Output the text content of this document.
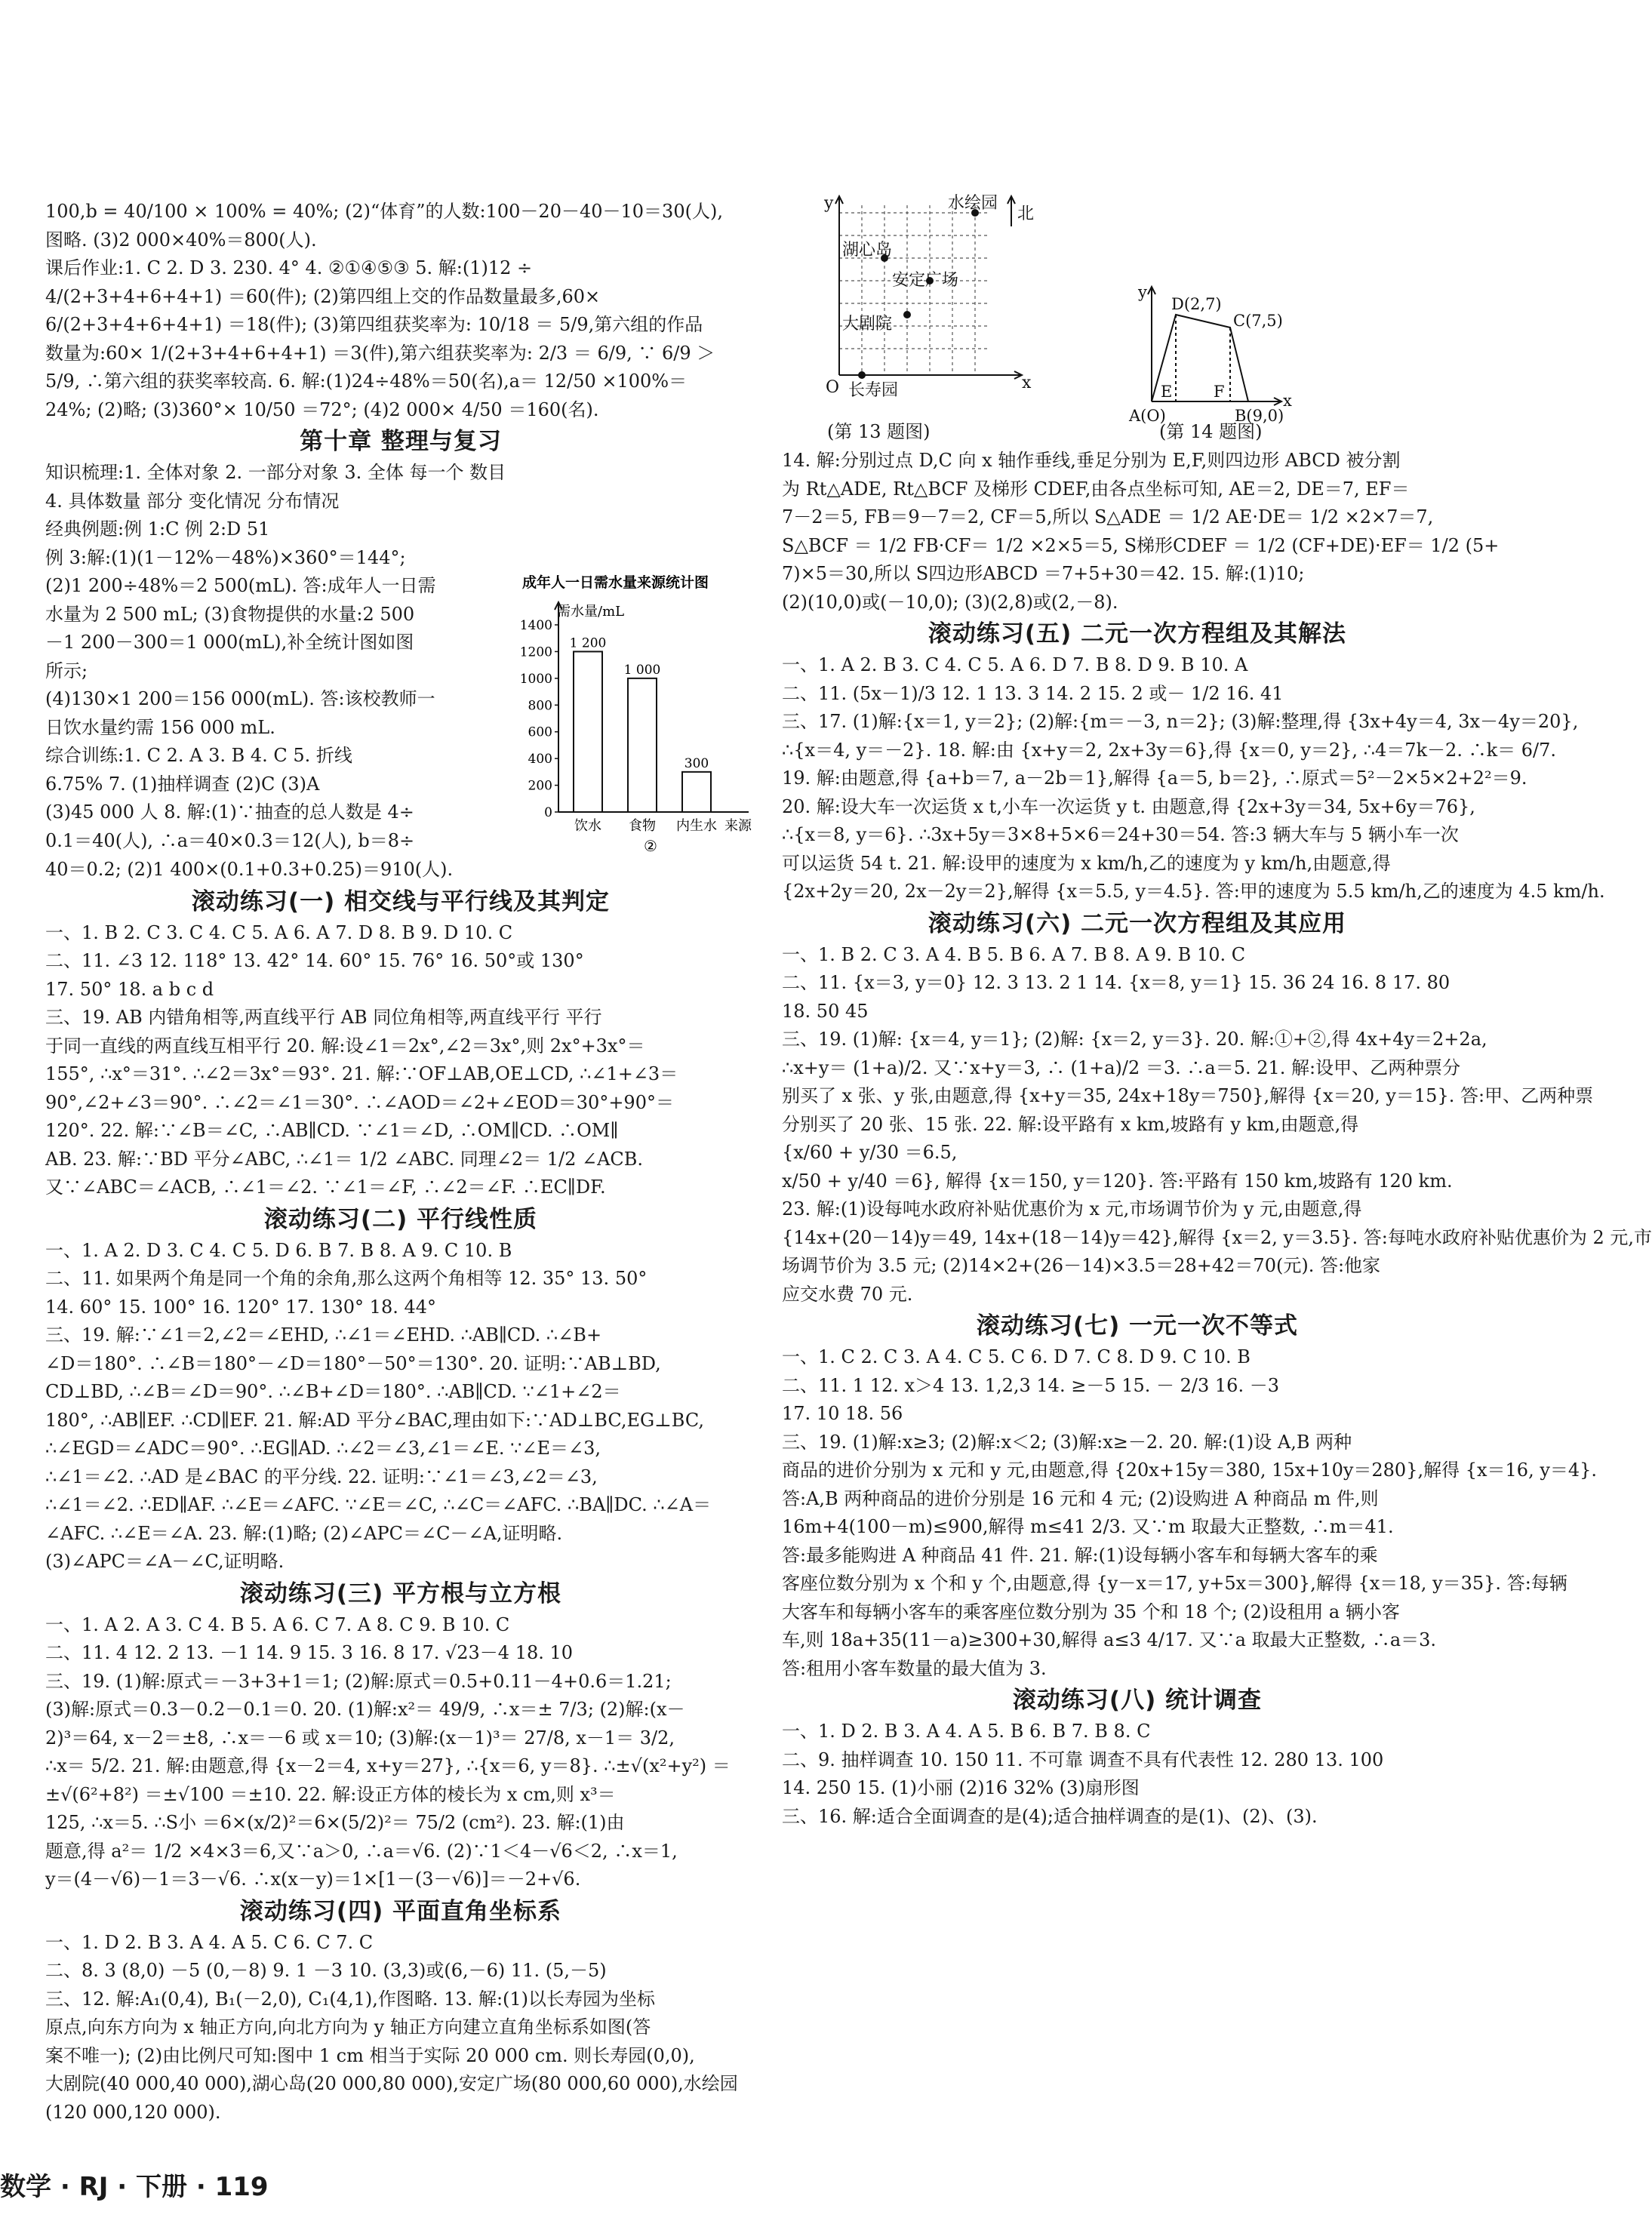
100,b = 40/100 × 100% = 40%; (2)“体育”的人数:100－20－40－10＝30(人),
图略. (3)2 000×40%＝800(人).
课后作业:1. C 2. D 3. 230. 4° 4. ②①④⑤③ 5. 解:(1)12 ÷
4/(2+3+4+6+4+1) ＝60(件); (2)第四组上交的作品数量最多,60×
6/(2+3+4+6+4+1) ＝18(件); (3)第四组获奖率为: 10/18 ＝ 5/9,第六组的作品
数量为:60× 1/(2+3+4+6+4+1) ＝3(件),第六组获奖率为: 2/3 ＝ 6/9, ∵ 6/9 ＞
5/9, ∴第六组的获奖率较高. 6. 解:(1)24÷48%＝50(名),a＝ 12/50 ×100%＝
24%; (2)略; (3)360°× 10/50 ＝72°; (4)2 000× 4/50 ＝160(名).
第十章 整理与复习
知识梳理:1. 全体对象 2. 一部分对象 3. 全体 每一个 数目
4. 具体数量 部分 变化情况 分布情况
经典例题:例 1:C 例 2:D 51
例 3:解:(1)(1－12%－48%)×360°＝144°;
(2)1 200÷48%＝2 500(mL). 答:成年人一日需
水量为 2 500 mL; (3)食物提供的水量:2 500
－1 200－300＝1 000(mL),补全统计图如图
所示;
(4)130×1 200＝156 000(mL). 答:该校教师一
日饮水量约需 156 000 mL.
综合训练:1. C 2. A 3. B 4. C 5. 折线
6.75% 7. (1)抽样调查 (2)C (3)A
(3)45 000 人 8. 解:(1)∵抽查的总人数是 4÷
0.1＝40(人), ∴a＝40×0.3＝12(人), b＝8÷
成年人一日需水量来源统计图
需水量/mL
0
200
400
600
800
1000
1200
1400
1 200
饮水
1 000
食物
300
内生水 来源
②
40＝0.2; (2)1 400×(0.1+0.3+0.25)＝910(人).
滚动练习(一) 相交线与平行线及其判定
一、1. B 2. C 3. C 4. C 5. A 6. A 7. D 8. B 9. D 10. C
二、11. ∠3 12. 118° 13. 42° 14. 60° 15. 76° 16. 50°或 130°
17. 50° 18. a b c d
三、19. AB 内错角相等,两直线平行 AB 同位角相等,两直线平行 平行
于同一直线的两直线互相平行 20. 解:设∠1＝2x°,∠2＝3x°,则 2x°+3x°＝
155°, ∴x°＝31°. ∴∠2＝3x°＝93°. 21. 解:∵OF⊥AB,OE⊥CD, ∴∠1+∠3＝
90°,∠2+∠3＝90°. ∴∠2＝∠1＝30°. ∴∠AOD＝∠2+∠EOD＝30°+90°＝
120°. 22. 解:∵∠B＝∠C, ∴AB∥CD. ∵∠1＝∠D, ∴OM∥CD. ∴OM∥
AB. 23. 解:∵BD 平分∠ABC, ∴∠1＝ 1/2 ∠ABC. 同理∠2＝ 1/2 ∠ACB.
又∵∠ABC＝∠ACB, ∴∠1＝∠2. ∵∠1＝∠F, ∴∠2＝∠F. ∴EC∥DF.
滚动练习(二) 平行线性质
一、1. A 2. D 3. C 4. C 5. D 6. B 7. B 8. A 9. C 10. B
二、11. 如果两个角是同一个角的余角,那么这两个角相等 12. 35° 13. 50°
14. 60° 15. 100° 16. 120° 17. 130° 18. 44°
三、19. 解:∵∠1＝2,∠2＝∠EHD, ∴∠1＝∠EHD. ∴AB∥CD. ∴∠B+
∠D＝180°. ∴∠B＝180°－∠D＝180°－50°＝130°. 20. 证明:∵AB⊥BD,
CD⊥BD, ∴∠B＝∠D＝90°. ∴∠B+∠D＝180°. ∴AB∥CD. ∵∠1+∠2＝
180°, ∴AB∥EF. ∴CD∥EF. 21. 解:AD 平分∠BAC,理由如下:∵AD⊥BC,EG⊥BC,
∴∠EGD＝∠ADC＝90°. ∴EG∥AD. ∴∠2＝∠3,∠1＝∠E. ∵∠E＝∠3,
∴∠1＝∠2. ∴AD 是∠BAC 的平分线. 22. 证明:∵∠1＝∠3,∠2＝∠3,
∴∠1＝∠2. ∴ED∥AF. ∴∠E＝∠AFC. ∵∠E＝∠C, ∴∠C＝∠AFC. ∴BA∥DC. ∴∠A＝
∠AFC. ∴∠E＝∠A. 23. 解:(1)略; (2)∠APC＝∠C－∠A,证明略.
(3)∠APC＝∠A－∠C,证明略.
滚动练习(三) 平方根与立方根
一、1. A 2. A 3. C 4. B 5. A 6. C 7. A 8. C 9. B 10. C
二、11. 4 12. 2 13. －1 14. 9 15. 3 16. 8 17. √23－4 18. 10
三、19. (1)解:原式＝－3+3+1＝1; (2)解:原式＝0.5+0.11－4+0.6＝1.21;
(3)解:原式＝0.3－0.2－0.1＝0. 20. (1)解:x²＝ 49/9, ∴x＝± 7/3; (2)解:(x－
2)³＝64, x－2＝±8, ∴x＝－6 或 x＝10; (3)解:(x－1)³＝ 27/8, x－1＝ 3/2,
∴x＝ 5/2. 21. 解:由题意,得 {x－2＝4, x+y＝27}, ∴{x＝6, y＝8}. ∴±√(x²+y²) ＝
±√(6²+8²) ＝±√100 ＝±10. 22. 解:设正方体的棱长为 x cm,则 x³＝
125, ∴x＝5. ∴S小 ＝6×(x/2)²＝6×(5/2)²＝ 75/2 (cm²). 23. 解:(1)由
题意,得 a²＝ 1/2 ×4×3＝6,又∵a＞0, ∴a＝√6. (2)∵1＜4－√6＜2, ∴x＝1,
y＝(4－√6)－1＝3－√6. ∴x(x－y)＝1×[1－(3－√6)]＝－2+√6.
滚动练习(四) 平面直角坐标系
一、1. D 2. B 3. A 4. A 5. C 6. C 7. C
二、8. 3 (8,0) －5 (0,－8) 9. 1 －3 10. (3,3)或(6,－6) 11. (5,－5)
三、12. 解:A₁(0,4), B₁(－2,0), C₁(4,1),作图略. 13. 解:(1)以长寿园为坐标
原点,向东方向为 x 轴正方向,向北方向为 y 轴正方向建立直角坐标系如图(答
案不唯一); (2)由比例尺可知:图中 1 cm 相当于实际 20 000 cm. 则长寿园(0,0),
大剧院(40 000,40 000),湖心岛(20 000,80 000),安定广场(80 000,60 000),水绘园
(120 000,120 000).
y
x
O
北
水绘园
湖心岛
安定广场
大剧院
长寿园
y
x
A(O)	B(9,0)
C(7,5)
D(2,7)
E	F
(第 13 题图)	(第 14 题图)
14. 解:分别过点 D,C 向 x 轴作垂线,垂足分别为 E,F,则四边形 ABCD 被分割
为 Rt△ADE, Rt△BCF 及梯形 CDEF,由各点坐标可知, AE＝2, DE＝7, EF＝
7－2＝5, FB＝9－7＝2, CF＝5,所以 S△ADE ＝ 1/2 AE·DE＝ 1/2 ×2×7＝7,
S△BCF ＝ 1/2 FB·CF＝ 1/2 ×2×5＝5, S梯形CDEF ＝ 1/2 (CF+DE)·EF＝ 1/2 (5+
7)×5＝30,所以 S四边形ABCD ＝7+5+30＝42. 15. 解:(1)10;
(2)(10,0)或(－10,0); (3)(2,8)或(2,－8).
滚动练习(五) 二元一次方程组及其解法
一、1. A 2. B 3. C 4. C 5. A 6. D 7. B 8. D 9. B 10. A
二、11. (5x－1)/3 12. 1 13. 3 14. 2 15. 2 或－ 1/2 16. 41
三、17. (1)解:{x＝1, y＝2}; (2)解:{m＝－3, n＝2}; (3)解:整理,得 {3x+4y＝4, 3x－4y＝20},
∴{x＝4, y＝－2}. 18. 解:由 {x+y＝2, 2x+3y＝6},得 {x＝0, y＝2}, ∴4＝7k－2. ∴k＝ 6/7.
19. 解:由题意,得 {a+b＝7, a－2b＝1},解得 {a＝5, b＝2}, ∴原式＝5²－2×5×2+2²＝9.
20. 解:设大车一次运货 x t,小车一次运货 y t. 由题意,得 {2x+3y＝34, 5x+6y＝76},
∴{x＝8, y＝6}. ∴3x+5y＝3×8+5×6＝24+30＝54. 答:3 辆大车与 5 辆小车一次
可以运货 54 t. 21. 解:设甲的速度为 x km/h,乙的速度为 y km/h,由题意,得
{2x+2y＝20, 2x－2y＝2},解得 {x＝5.5, y＝4.5}. 答:甲的速度为 5.5 km/h,乙的速度为 4.5 km/h.
滚动练习(六) 二元一次方程组及其应用
一、1. B 2. C 3. A 4. B 5. B 6. A 7. B 8. A 9. B 10. C
二、11. {x＝3, y＝0} 12. 3 13. 2 1 14. {x＝8, y＝1} 15. 36 24 16. 8 17. 80
18. 50 45
三、19. (1)解: {x＝4, y＝1}; (2)解: {x＝2, y＝3}. 20. 解:①+②,得 4x+4y＝2+2a,
∴x+y＝ (1+a)/2. 又∵x+y＝3, ∴ (1+a)/2 ＝3. ∴a＝5. 21. 解:设甲、乙两种票分
别买了 x 张、y 张,由题意,得 {x+y＝35, 24x+18y＝750},解得 {x＝20, y＝15}. 答:甲、乙两种票
分别买了 20 张、15 张. 22. 解:设平路有 x km,坡路有 y km,由题意,得
{x/60 + y/30 ＝6.5,
x/50 + y/40 ＝6}, 解得 {x＝150, y＝120}. 答:平路有 150 km,坡路有 120 km.
23. 解:(1)设每吨水政府补贴优惠价为 x 元,市场调节价为 y 元,由题意,得
{14x+(20－14)y＝49, 14x+(18－14)y＝42},解得 {x＝2, y＝3.5}. 答:每吨水政府补贴优惠价为 2 元,市
场调节价为 3.5 元; (2)14×2+(26－14)×3.5＝28+42＝70(元). 答:他家
应交水费 70 元.
滚动练习(七) 一元一次不等式
一、1. C 2. C 3. A 4. C 5. C 6. D 7. C 8. D 9. C 10. B
二、11. 1 12. x＞4 13. 1,2,3 14. ≥－5 15. － 2/3 16. －3
17. 10 18. 56
三、19. (1)解:x≥3; (2)解:x＜2; (3)解:x≥－2. 20. 解:(1)设 A,B 两种
商品的进价分别为 x 元和 y 元,由题意,得 {20x+15y＝380, 15x+10y＝280},解得 {x＝16, y＝4}.
答:A,B 两种商品的进价分别是 16 元和 4 元; (2)设购进 A 种商品 m 件,则
16m+4(100－m)≤900,解得 m≤41 2/3. 又∵m 取最大正整数, ∴m＝41.
答:最多能购进 A 种商品 41 件. 21. 解:(1)设每辆小客车和每辆大客车的乘
客座位数分别为 x 个和 y 个,由题意,得 {y－x＝17, y+5x＝300},解得 {x＝18, y＝35}. 答:每辆
大客车和每辆小客车的乘客座位数分别为 35 个和 18 个; (2)设租用 a 辆小客
车,则 18a+35(11－a)≥300+30,解得 a≤3 4/17. 又∵a 取最大正整数, ∴a＝3.
答:租用小客车数量的最大值为 3.
滚动练习(八) 统计调查
一、1. D 2. B 3. A 4. A 5. B 6. B 7. B 8. C
二、9. 抽样调查 10. 150 11. 不可靠 调查不具有代表性 12. 280 13. 100
14. 250 15. (1)小丽 (2)16 32% (3)扇形图
三、16. 解:适合全面调查的是(4);适合抽样调查的是(1)、(2)、(3).
数学 · RJ · 下册 · 119
